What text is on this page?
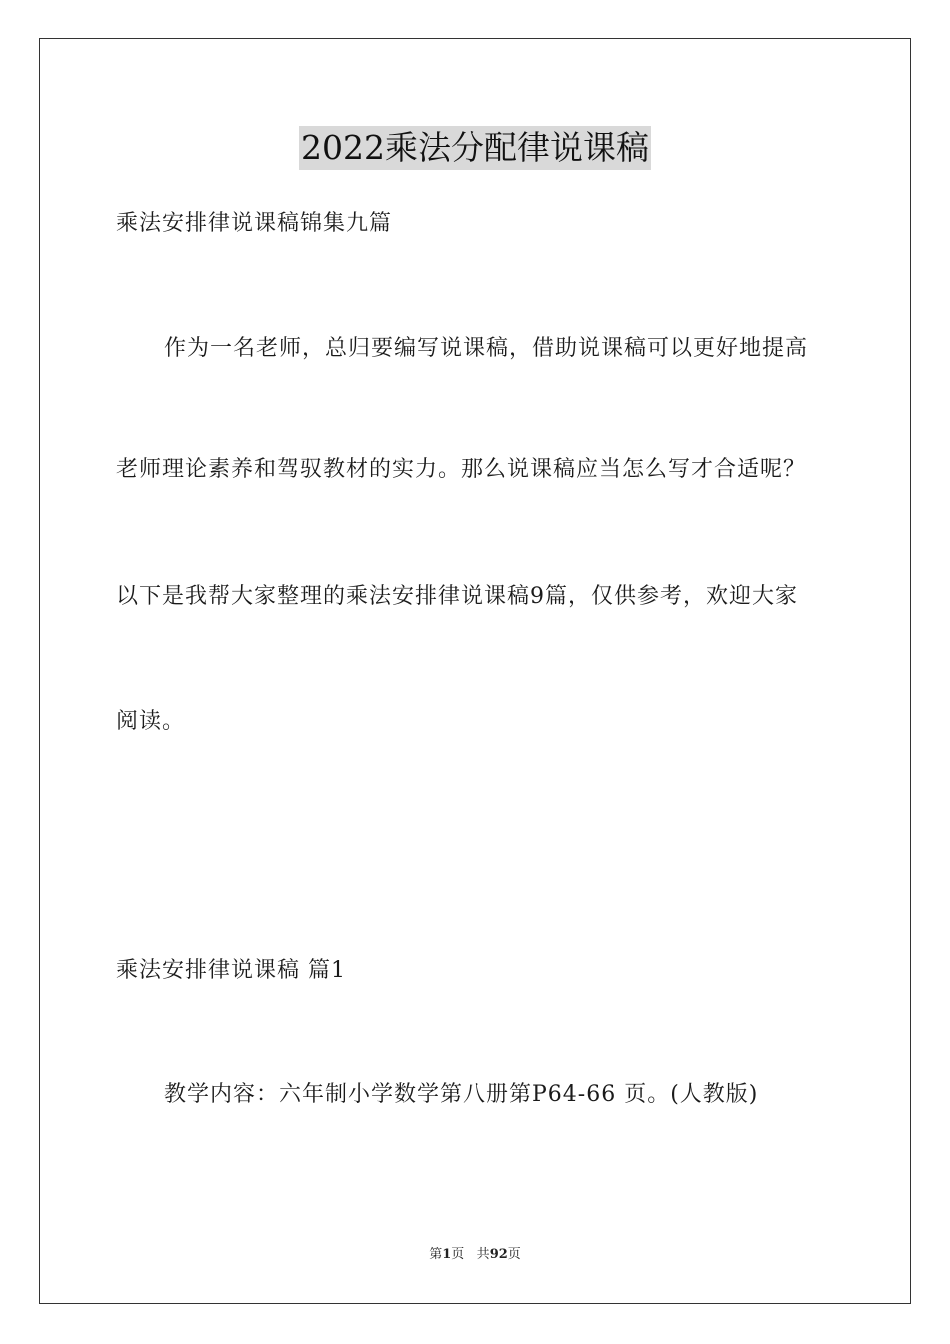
2022乘法分配律说课稿
乘法安排律说课稿锦集九篇
作为一名老师，总归要编写说课稿，借助说课稿可以更好地提高
老师理论素养和驾驭教材的实力。那么说课稿应当怎么写才合适呢？
以下是我帮大家整理的乘法安排律说课稿9篇，仅供参考，欢迎大家
阅读。
乘法安排律说课稿 篇1
教学内容：六年制小学数学第八册第P64-66 页。(人教版)
第1页 共92页
